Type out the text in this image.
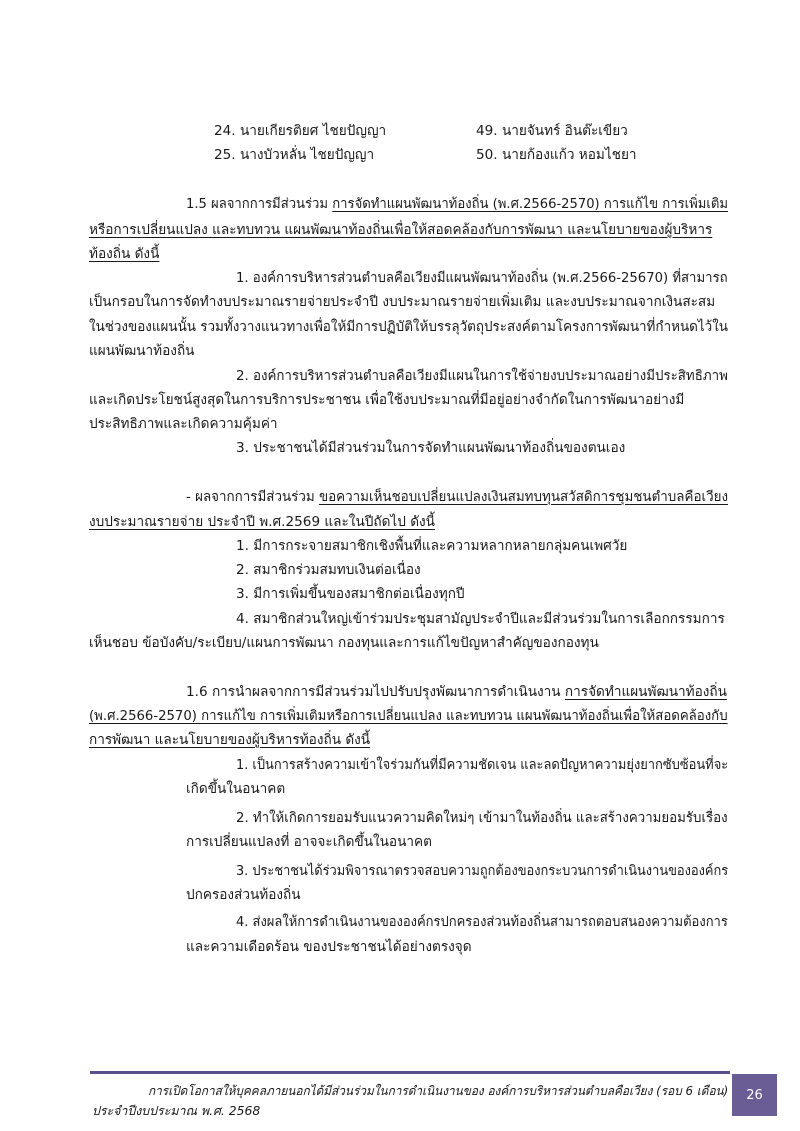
24. นายเกียรติยศ ไชยปัญญา
25. นางบัวหลั่น ไชยปัญญา
49. นายจันทร์ อินต๊ะเขียว
50. นายก้องแก้ว หอมไชยา
1.5 ผลจากการมีส่วนร่วม การจัดทำแผนพัฒนาท้องถิ่น (พ.ศ.2566-2570) การแก้ไข การเพิ่มเติม
หรือการเปลี่ยนแปลง และทบทวน แผนพัฒนาท้องถิ่นเพื่อให้สอดคล้องกับการพัฒนา และนโยบายของผู้บริหาร
ท้องถิ่น ดังนี้
1. องค์การบริหารส่วนตำบลคือเวียงมีแผนพัฒนาท้องถิ่น (พ.ศ.2566-25670) ที่สามารถ
เป็นกรอบในการจัดทำงบประมาณรายจ่ายประจำปี งบประมาณรายจ่ายเพิ่มเติม และงบประมาณจากเงินสะสม
ในช่วงของแผนนั้น รวมทั้งวางแนวทางเพื่อให้มีการปฏิบัติให้บรรลุวัตถุประสงค์ตามโครงการพัฒนาที่กำหนดไว้ใน
แผนพัฒนาท้องถิ่น
2. องค์การบริหารส่วนตำบลคือเวียงมีแผนในการใช้จ่ายงบประมาณอย่างมีประสิทธิภาพ
และเกิดประโยชน์สูงสุดในการบริการประชาชน เพื่อใช้งบประมาณที่มีอยู่อย่างจำกัดในการพัฒนาอย่างมี
ประสิทธิภาพและเกิดความคุ้มค่า
3. ประชาชนได้มีส่วนร่วมในการจัดทำแผนพัฒนาท้องถิ่นของตนเอง
- ผลจากการมีส่วนร่วม ขอความเห็นชอบเปลี่ยนแปลงเงินสมทบทุนสวัสดิการชุมชนตำบลคือเวียง
งบประมาณรายจ่าย ประจำปี พ.ศ.2569 และในปีถัดไป ดังนี้
1. มีการกระจายสมาชิกเชิงพื้นที่และความหลากหลายกลุ่มคนเพศวัย
2. สมาชิกร่วมสมทบเงินต่อเนื่อง
3. มีการเพิ่มขึ้นของสมาชิกต่อเนื่องทุกปี
4. สมาชิกส่วนใหญ่เข้าร่วมประชุมสามัญประจำปีและมีส่วนร่วมในการเลือกกรรมการ
เห็นชอบ ข้อบังคับ/ระเบียบ/แผนการพัฒนา กองทุนและการแก้ไขปัญหาสำคัญของกองทุน
1.6 การนำผลจากการมีส่วนร่วมไปปรับปรุงพัฒนาการดำเนินงาน การจัดทำแผนพัฒนาท้องถิ่น
(พ.ศ.2566-2570) การแก้ไข การเพิ่มเติมหรือการเปลี่ยนแปลง และทบทวน แผนพัฒนาท้องถิ่นเพื่อให้สอดคล้องกับ
การพัฒนา และนโยบายของผู้บริหารท้องถิ่น ดังนี้
1. เป็นการสร้างความเข้าใจร่วมกันที่มีความชัดเจน และลดปัญหาความยุ่งยากซับซ้อนที่จะ
เกิดขึ้นในอนาคต
2. ทำให้เกิดการยอมรับแนวความคิดใหม่ๆ เข้ามาในท้องถิ่น และสร้างความยอมรับเรื่อง
การเปลี่ยนแปลงที่ อาจจะเกิดขึ้นในอนาคต
3. ประชาชนได้ร่วมพิจารณาตรวจสอบความถูกต้องของกระบวนการดำเนินงานขององค์กร
ปกครองส่วนท้องถิ่น
4. ส่งผลให้การดำเนินงานขององค์กรปกครองส่วนท้องถิ่นสามารถตอบสนองความต้องการ
และความเดือดร้อน ของประชาชนได้อย่างตรงจุด
การเปิดโอกาสให้บุคคลภายนอกได้มีส่วนร่วมในการดำเนินงานของ องค์การบริหารส่วนตำบลคือเวียง (รอบ 6 เดือน)
ประจำปีงบประมาณ พ.ศ. 2568
26
